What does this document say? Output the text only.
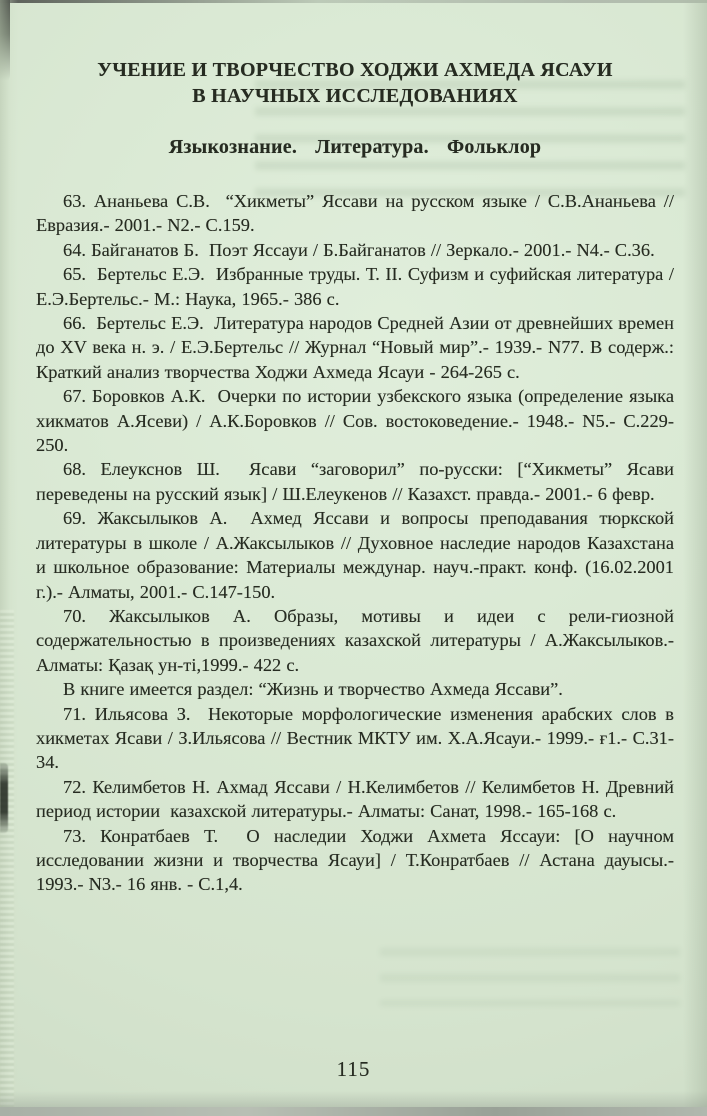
УЧЕНИЕ И ТВОРЧЕСТВО ХОДЖИ АХМЕДА ЯСАУИ
В НАУЧНЫХ ИССЛЕДОВАНИЯХ
Языкознание. Литература. Фольклор

63. Ананьева С.В.  “Хикметы” Яссави на русском языке / С.В.Ананьева // Евразия.- 2001.- N2.- С.159.

64. Байганатов Б.  Поэт Яссауи / Б.Байганатов // Зеркало.- 2001.- N4.- С.36.

65.  Бертельс Е.Э.  Избранные труды. Т. II. Суфизм и суфийская литература / Е.Э.Бертельс.- М.: Наука, 1965.- 386 с.

66.  Бертельс Е.Э.  Литература народов Средней Азии от древнейших времен до XV века н. э. / Е.Э.Бертельс // Журнал “Новый мир”.- 1939.- N77. В содерж.: Краткий анализ творчества Ходжи Ахмеда Ясауи - 264-265 с.

67. Боровков А.К.  Очерки по истории узбекского языка (определение языка хикматов А.Ясеви) / А.К.Боровков // Сов. востоковедение.- 1948.- N5.- С.229-250.

68. Елеукснов Ш.  Ясави “заговорил” по-русски: [“Хикметы” Ясави переведены на русский язык] / Ш.Елеукенов // Казахст. правда.- 2001.- 6 февр.

69. Жаксылыков А.  Ахмед Яссави и вопросы преподавания тюркской литературы в школе / А.Жаксылыков // Духовное наследие народов Казахстана и школьное образование: Материалы междунар. науч.-практ. конф. (16.02.2001 г.).- Алматы, 2001.- С.147-150.

70. Жаксылыков А. Образы, мотивы и идеи с рели-гиозной содержательностью в произведениях казахской литературы / А.Жаксылыков.- Алматы: Қазақ ун-ті,1999.- 422 с.

В книге имеется раздел: “Жизнь и творчество Ахмеда Яссави”.

71. Ильясова З.  Некоторые морфологические изменения арабских слов в хикметах Ясави / З.Ильясова // Вестник МКТУ им. Х.А.Ясауи.- 1999.- ғ1.- С.31-34.

72. Келимбетов Н. Ахмад Яссави / Н.Келимбетов // Келимбетов Н. Древний период истории  казахской литературы.- Алматы: Санат, 1998.- 165-168 с.

73. Конратбаев Т.  О наследии Ходжи Ахмета Яссауи: [О научном исследовании жизни и творчества Ясауи] / Т.Конратбаев // Астана дауысы.- 1993.- N3.- 16 янв. - С.1,4.

115
